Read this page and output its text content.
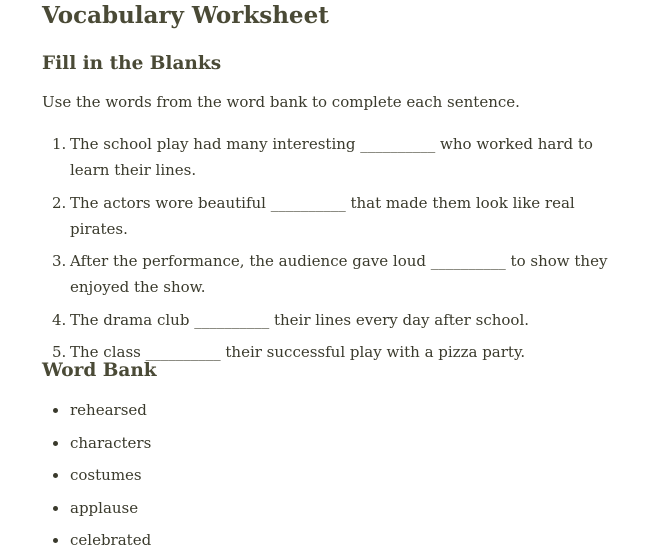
Vocabulary Worksheet
Fill in the Blanks

Use the words from the word bank to complete each sentence.

1. The school play had many interesting __________ who worked hard to learn their lines.
2. The actors wore beautiful __________ that made them look like real pirates.
3. After the performance, the audience gave loud __________ to show they enjoyed the show.
4. The drama club __________ their lines every day after school.
5. The class __________ their successful play with a pizza party.
Word Bank
rehearsed
characters
costumes
applause
celebrated
